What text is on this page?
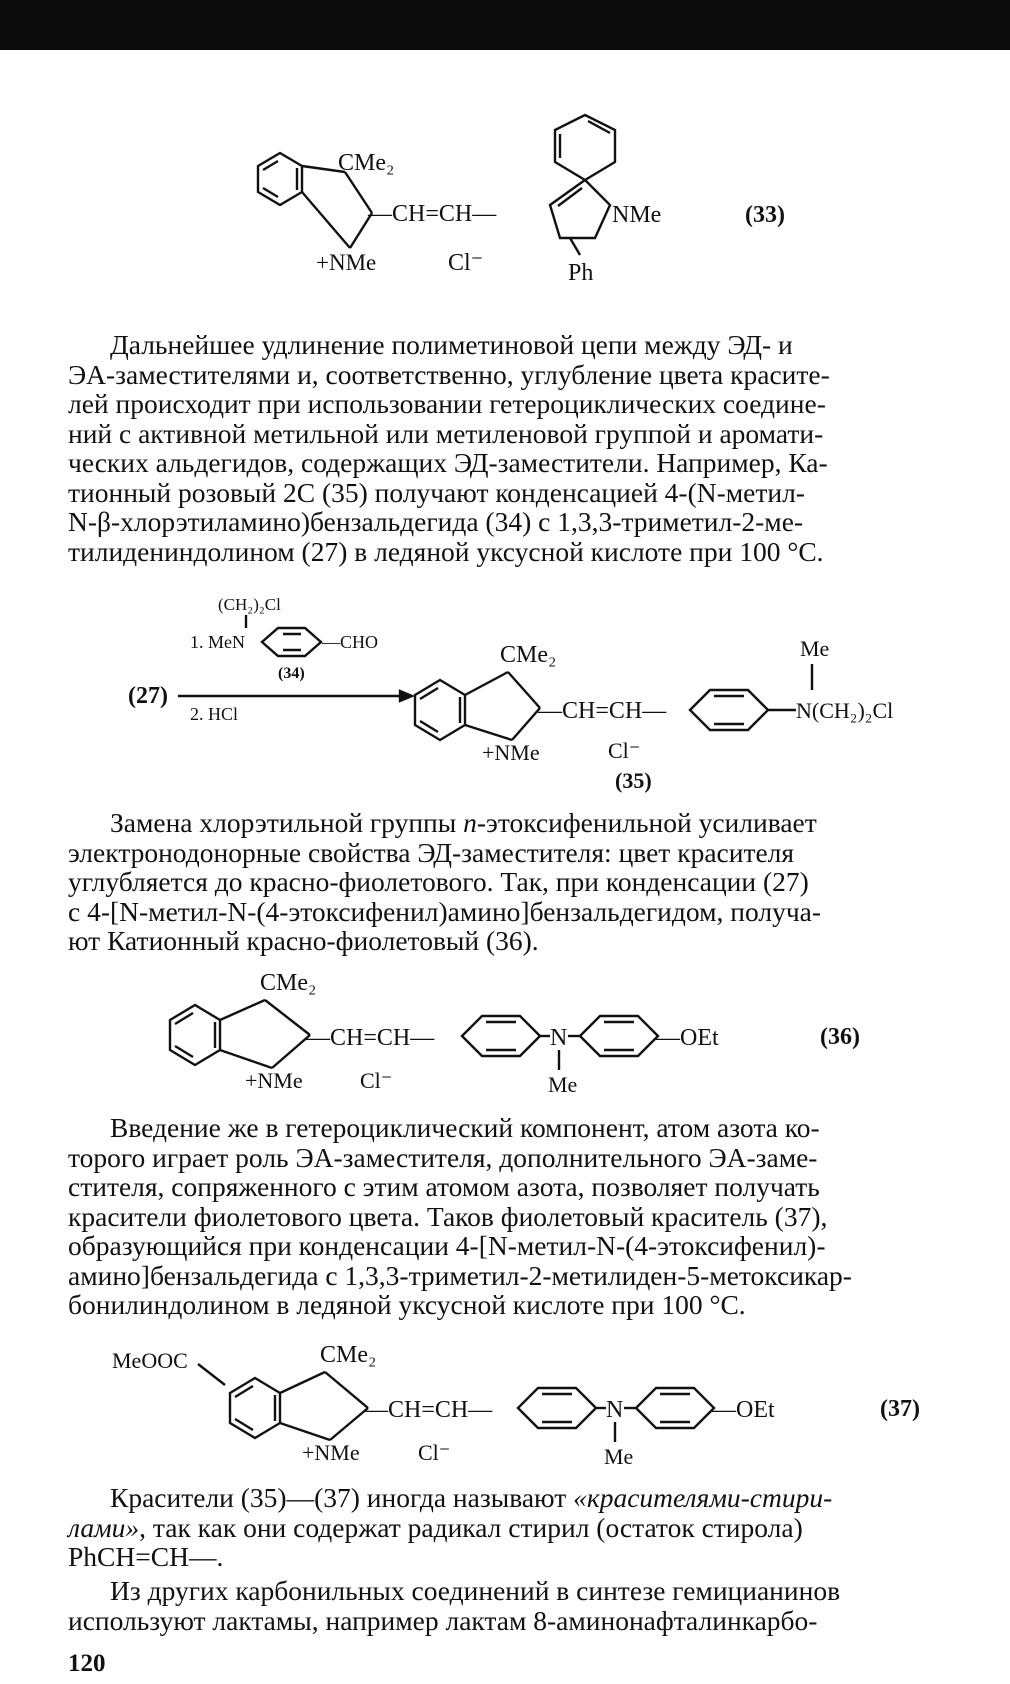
CMe₂
+NMe
—CH=CH—
Cl⁻
NMe
Ph
(33)
Дальнейшее удлинение полиметиновой цепи между ЭД- и
ЭА-заместителями и, соответственно, углубление цвета красите-
лей происходит при использовании гетероциклических соедине-
ний с активной метильной или метиленовой группой и аромати-
ческих альдегидов, содержащих ЭД-заместители. Например, Ка-
тионный розовый 2С (35) получают конденсацией 4-(N-метил-
N-β-хлорэтиламино)бензальдегида (34) с 1,3,3-триметил-2-ме-
тилидениндолином (27) в ледяной уксусной кислоте при 100 °С.
(27)
(CH₂)₂Cl
1. MeN	—CHO
(34)
2. HCl
CMe₂
+NMe
—CH=CH—
Cl⁻
Me
N(CH₂)₂Cl
(35)
Замена хлорэтильной группы n-этоксифенильной усиливает
электронодонорные свойства ЭД-заместителя: цвет красителя
углубляется до красно-фиолетового. Так, при конденсации (27)
с 4-[N-метил-N-(4-этоксифенил)амино]бензальдегидом, получа-
ют Катионный красно-фиолетовый (36).
CMe₂
+NMe
—CH=CH—
Cl⁻
N
Me
—OEt	(36)
Введение же в гетероциклический компонент, атом азота ко-
торого играет роль ЭА-заместителя, дополнительного ЭА-заме-
стителя, сопряженного с этим атомом азота, позволяет получать
красители фиолетового цвета. Таков фиолетовый краситель (37),
образующийся при конденсации 4-[N-метил-N-(4-этоксифенил)-
амино]бензальдегида с 1,3,3-триметил-2-метилиден-5-метоксикар-
бонилиндолином в ледяной уксусной кислоте при 100 °С.
MeOOC	CMe₂
+NMe
—CH=CH—
Cl⁻
N
Me
—OEt	(37)
Красители (35)—(37) иногда называют «красителями-стири-
лами», так как они содержат радикал стирил (остаток стирола)
PhCH=CH—.
Из других карбонильных соединений в синтезе гемицианинов
используют лактамы, например лактам 8-аминонафталинкарбо-
120
